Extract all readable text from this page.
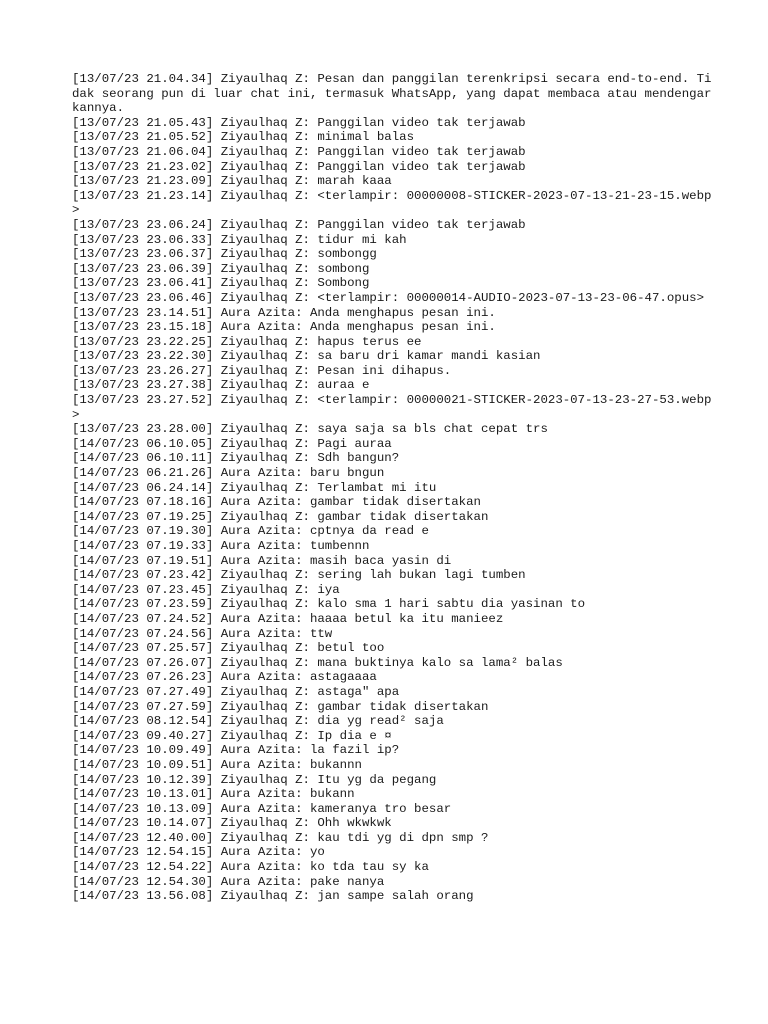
[13/07/23 21.04.34] Ziyaulhaq Z: Pesan dan panggilan terenkripsi secara end-to-end. Tidak seorang pun di luar chat ini, termasuk WhatsApp, yang dapat membaca atau mendengarkannya.
[13/07/23 21.05.43] Ziyaulhaq Z: Panggilan video tak terjawab
[13/07/23 21.05.52] Ziyaulhaq Z: minimal balas
[13/07/23 21.06.04] Ziyaulhaq Z: Panggilan video tak terjawab
[13/07/23 21.23.02] Ziyaulhaq Z: Panggilan video tak terjawab
[13/07/23 21.23.09] Ziyaulhaq Z: marah kaaa
[13/07/23 21.23.14] Ziyaulhaq Z: <terlampir: 00000008-STICKER-2023-07-13-21-23-15.webp>
[13/07/23 23.06.24] Ziyaulhaq Z: Panggilan video tak terjawab
[13/07/23 23.06.33] Ziyaulhaq Z: tidur mi kah
[13/07/23 23.06.37] Ziyaulhaq Z: sombongg
[13/07/23 23.06.39] Ziyaulhaq Z: sombong
[13/07/23 23.06.41] Ziyaulhaq Z: Sombong
[13/07/23 23.06.46] Ziyaulhaq Z: <terlampir: 00000014-AUDIO-2023-07-13-23-06-47.opus>
[13/07/23 23.14.51] Aura Azita: Anda menghapus pesan ini.
[13/07/23 23.15.18] Aura Azita: Anda menghapus pesan ini.
[13/07/23 23.22.25] Ziyaulhaq Z: hapus terus ee
[13/07/23 23.22.30] Ziyaulhaq Z: sa baru dri kamar mandi kasian
[13/07/23 23.26.27] Ziyaulhaq Z: Pesan ini dihapus.
[13/07/23 23.27.38] Ziyaulhaq Z: auraa e
[13/07/23 23.27.52] Ziyaulhaq Z: <terlampir: 00000021-STICKER-2023-07-13-23-27-53.webp>
[13/07/23 23.28.00] Ziyaulhaq Z: saya saja sa bls chat cepat trs
[14/07/23 06.10.05] Ziyaulhaq Z: Pagi auraa
[14/07/23 06.10.11] Ziyaulhaq Z: Sdh bangun?
[14/07/23 06.21.26] Aura Azita: baru bngun
[14/07/23 06.24.14] Ziyaulhaq Z: Terlambat mi itu
[14/07/23 07.18.16] Aura Azita: gambar tidak disertakan
[14/07/23 07.19.25] Ziyaulhaq Z: gambar tidak disertakan
[14/07/23 07.19.30] Aura Azita: cptnya da read e
[14/07/23 07.19.33] Aura Azita: tumbennn
[14/07/23 07.19.51] Aura Azita: masih baca yasin di
[14/07/23 07.23.42] Ziyaulhaq Z: sering lah bukan lagi tumben
[14/07/23 07.23.45] Ziyaulhaq Z: iya
[14/07/23 07.23.59] Ziyaulhaq Z: kalo sma 1 hari sabtu dia yasinan to
[14/07/23 07.24.52] Aura Azita: haaaa betul ka itu manieez
[14/07/23 07.24.56] Aura Azita: ttw
[14/07/23 07.25.57] Ziyaulhaq Z: betul too
[14/07/23 07.26.07] Ziyaulhaq Z: mana buktinya kalo sa lama² balas
[14/07/23 07.26.23] Aura Azita: astagaaaa
[14/07/23 07.27.49] Ziyaulhaq Z: astaga" apa
[14/07/23 07.27.59] Ziyaulhaq Z: gambar tidak disertakan
[14/07/23 08.12.54] Ziyaulhaq Z: dia yg read² saja
[14/07/23 09.40.27] Ziyaulhaq Z: Ip dia e ¤
[14/07/23 10.09.49] Aura Azita: la fazil ip?
[14/07/23 10.09.51] Aura Azita: bukannn
[14/07/23 10.12.39] Ziyaulhaq Z: Itu yg da pegang
[14/07/23 10.13.01] Aura Azita: bukann
[14/07/23 10.13.09] Aura Azita: kameranya tro besar
[14/07/23 10.14.07] Ziyaulhaq Z: Ohh wkwkwk
[14/07/23 12.40.00] Ziyaulhaq Z: kau tdi yg di dpn smp ?
[14/07/23 12.54.15] Aura Azita: yo
[14/07/23 12.54.22] Aura Azita: ko tda tau sy ka
[14/07/23 12.54.30] Aura Azita: pake nanya
[14/07/23 13.56.08] Ziyaulhaq Z: jan sampe salah orang
